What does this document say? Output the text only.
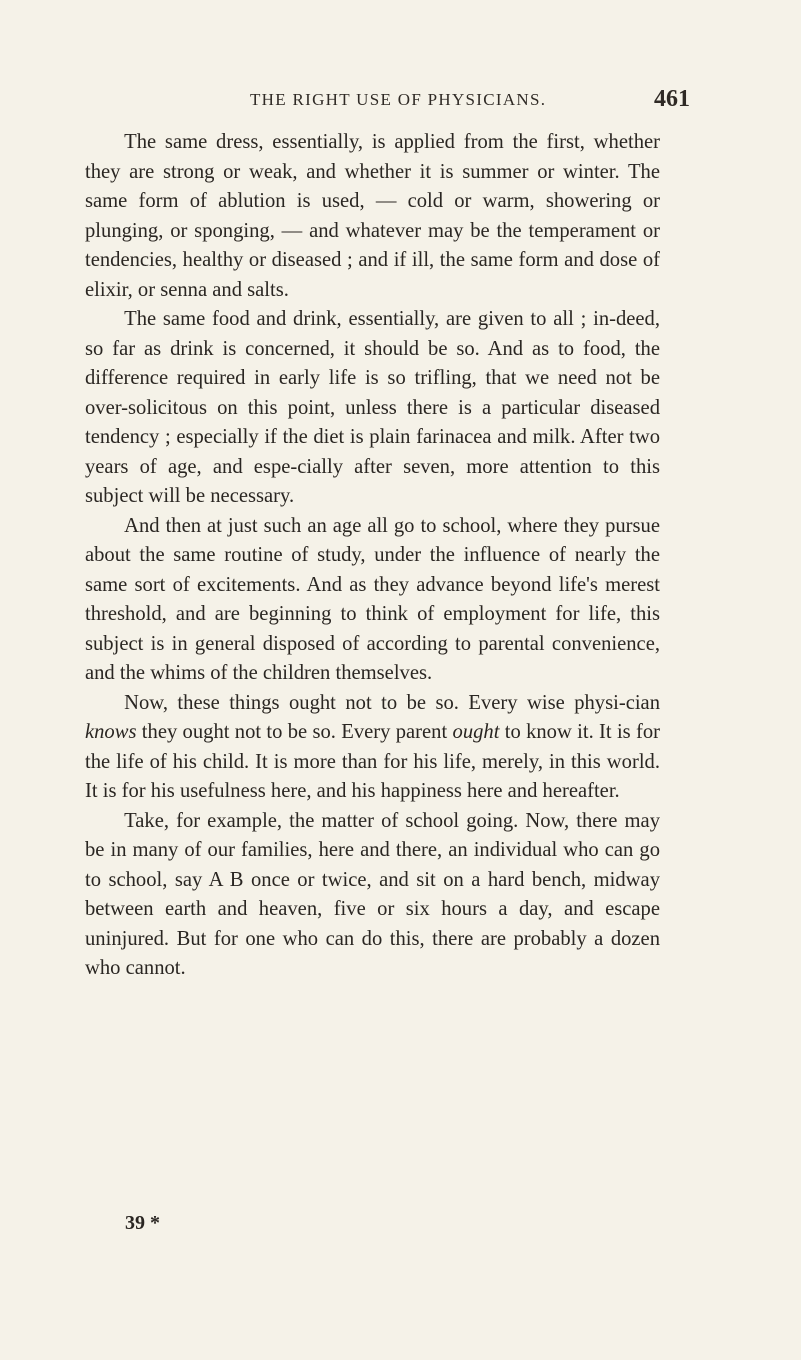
THE RIGHT USE OF PHYSICIANS.	461

The same dress, essentially, is applied from the first, whether they are strong or weak, and whether it is summer or winter. The same form of ablution is used, — cold or warm, showering or plunging, or sponging, — and whatever may be the temperament or tendencies, healthy or diseased ; and if ill, the same form and dose of elixir, or senna and salts.

The same food and drink, essentially, are given to all ; in-deed, so far as drink is concerned, it should be so. And as to food, the difference required in early life is so trifling, that we need not be over-solicitous on this point, unless there is a particular diseased tendency ; especially if the diet is plain farinacea and milk. After two years of age, and espe-cially after seven, more attention to this subject will be necessary.

And then at just such an age all go to school, where they pursue about the same routine of study, under the influence of nearly the same sort of excitements. And as they advance beyond life's merest threshold, and are beginning to think of employment for life, this subject is in general disposed of according to parental convenience, and the whims of the children themselves.

Now, these things ought not to be so. Every wise physi-cian knows they ought not to be so. Every parent ought to know it. It is for the life of his child. It is more than for his life, merely, in this world. It is for his usefulness here, and his happiness here and hereafter.

Take, for example, the matter of school going. Now, there may be in many of our families, here and there, an individual who can go to school, say A B once or twice, and sit on a hard bench, midway between earth and heaven, five or six hours a day, and escape uninjured. But for one who can do this, there are probably a dozen who cannot.

39 *
